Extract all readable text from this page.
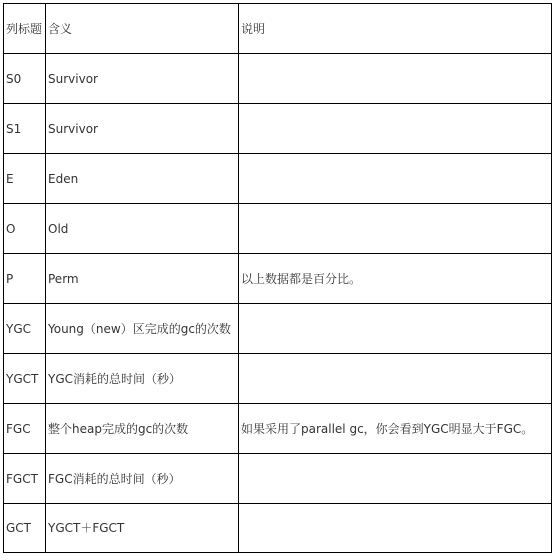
列标题	含义	说明
S0	Survivor	
S1	Survivor	
E	Eden	
O	Old	
P	Perm	以上数据都是百分比。
YGC	Young（new）区完成的gc的次数	
YGCT	YGC消耗的总时间（秒）	
FGC	整个heap完成的gc的次数	如果采用了parallel gc，你会看到YGC明显大于FGC。
FGCT	FGC消耗的总时间（秒）	
GCT	YGCT＋FGCT	
